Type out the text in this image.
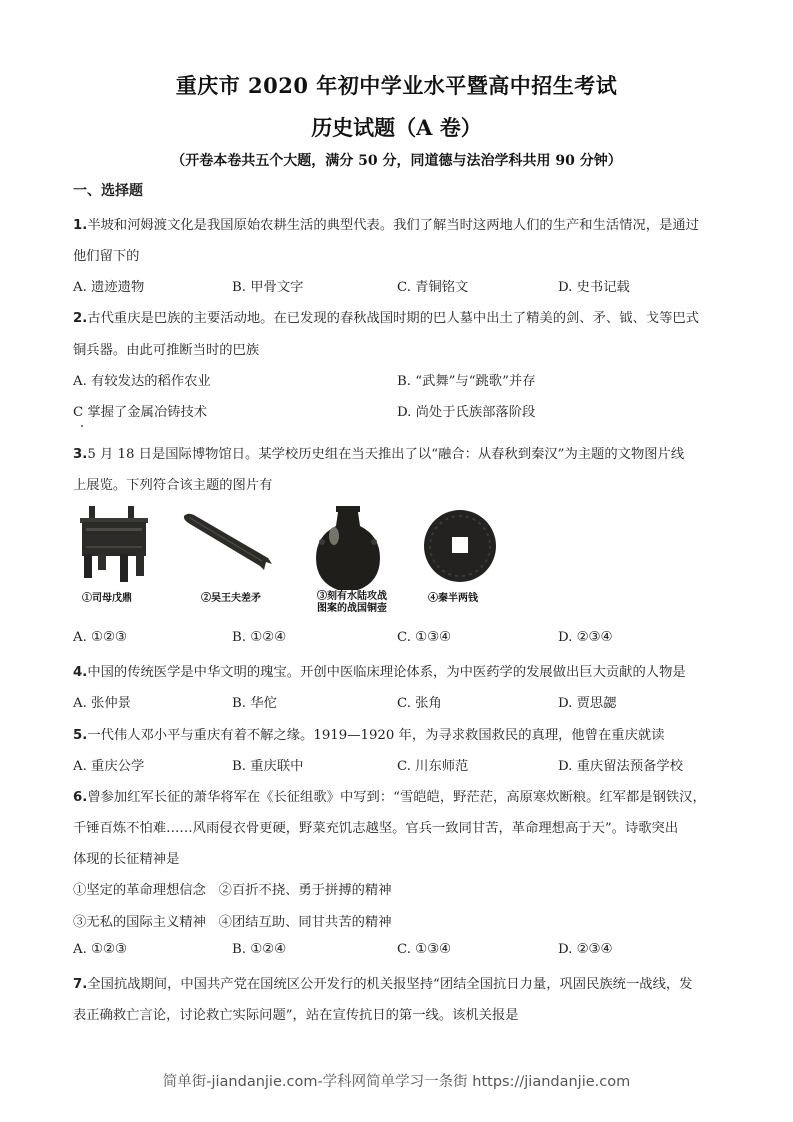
重庆市 2020 年初中学业水平暨高中招生考试
历史试题（A 卷）
（开卷本卷共五个大题，满分 50 分，同道德与法治学科共用 90 分钟）
一、选择题
1.半坡和河姆渡文化是我国原始农耕生活的典型代表。我们了解当时这两地人们的生产和生活情况，是通过
他们留下的
A. 遗迹遗物	B. 甲骨文字	C. 青铜铭文	D. 史书记载
2.古代重庆是巴族的主要活动地。在已发现的春秋战国时期的巴人墓中出土了精美的剑、矛、钺、戈等巴式
铜兵器。由此可推断当时的巴族
A. 有较发达的稻作农业	B. “武舞”与“跳歌”并存
C 掌握了金属冶铸技术	D. 尚处于氏族部落阶段
3.5 月 18 日是国际博物馆日。某学校历史组在当天推出了以“融合：从春秋到秦汉”为主题的文物图片线
上展览。下列符合该主题的图片有
①司母戊鼎	②吴王夫差矛	③刻有水陆攻战
图案的战国铜壶
④秦半两钱
A. ①②③	B. ①②④	C. ①③④	D. ②③④
4.中国的传统医学是中华文明的瑰宝。开创中医临床理论体系，为中医药学的发展做出巨大贡献的人物是
A. 张仲景	B. 华佗	C. 张角	D. 贾思勰
5.一代伟人邓小平与重庆有着不解之缘。1919—1920 年，为寻求救国救民的真理，他曾在重庆就读
A. 重庆公学	B. 重庆联中	C. 川东师范	D. 重庆留法预备学校
6.曾参加红军长征的萧华将军在《长征组歌》中写到：“雪皑皑，野茫茫，高原寒炊断粮。红军都是钢铁汉，
千锤百炼不怕难……风雨侵衣骨更硬，野菜充饥志越坚。官兵一致同甘苦，革命理想高于天”。诗歌突出
体现的长征精神是
①坚定的革命理想信念   ②百折不挠、勇于拼搏的精神
③无私的国际主义精神   ④团结互助、同甘共苦的精神
A. ①②③	B. ①②④	C. ①③④	D. ②③④
7.全国抗战期间，中国共产党在国统区公开发行的机关报坚持“团结全国抗日力量，巩固民族统一战线，发
表正确救亡言论，讨论救亡实际问题”，站在宣传抗日的第一线。该机关报是
简单街-jiandanjie.com-学科网简单学习一条街 https://jiandanjie.com
